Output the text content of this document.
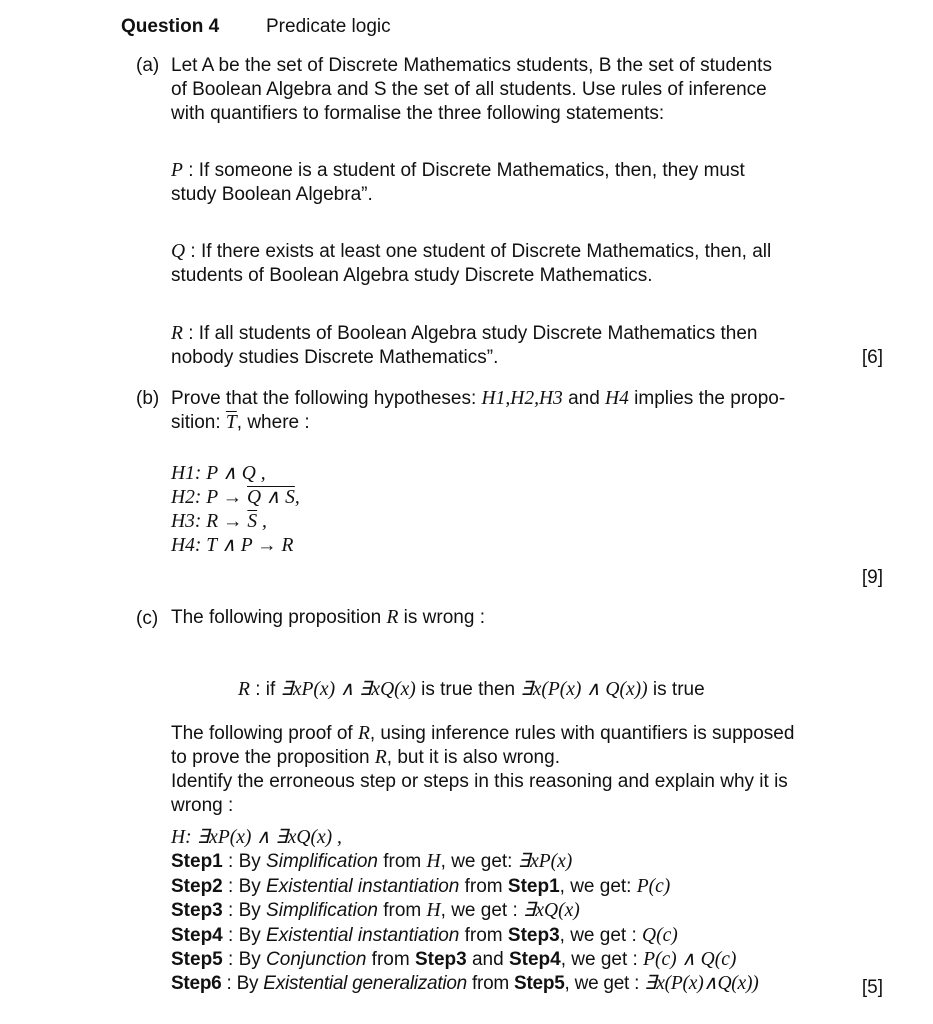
Question 4 Predicate logic
(a) Let A be the set of Discrete Mathematics students, B the set of students
of Boolean Algebra and S the set of all students. Use rules of inference
with quantifiers to formalise the three following statements:
P : If someone is a student of Discrete Mathematics, then, they must
study Boolean Algebra”.
Q : If there exists at least one student of Discrete Mathematics, then, all
students of Boolean Algebra study Discrete Mathematics.
R : If all students of Boolean Algebra study Discrete Mathematics then
nobody studies Discrete Mathematics”.	[6]
(b) Prove that the following hypotheses: H1,H2,H3 and H4 implies the propo-
sition: $\overline{T}$, where :
H1: P ∧ Q ,
H2: P → Q ∧ S,
H3: $R \to \overline{S}$ ,
H4: T ∧ P → R
[9]
(c) The following proposition R is wrong :
R : if ∃xP(x) ∧ ∃xQ(x) is true then ∃x(P(x) ∧ Q(x)) is true
The following proof of R, using inference rules with quantifiers is supposed
to prove the proposition R, but it is also wrong.
Identify the erroneous step or steps in this reasoning and explain why it is
wrong :
H: ∃xP(x) ∧ ∃xQ(x) ,
Step1 : By Simplification from H, we get: ∃xP(x)
Step2 : By Existential instantiation from Step1, we get: P(c)
Step3 : By Simplification from H, we get : ∃xQ(x)
Step4 : By Existential instantiation from Step3, we get : Q(c)
Step5 : By Conjunction from Step3 and Step4, we get : P(c) ∧ Q(c)
Step6 : By Existential generalization from Step5, we get : ∃x(P(x)∧Q(x))	[5]
